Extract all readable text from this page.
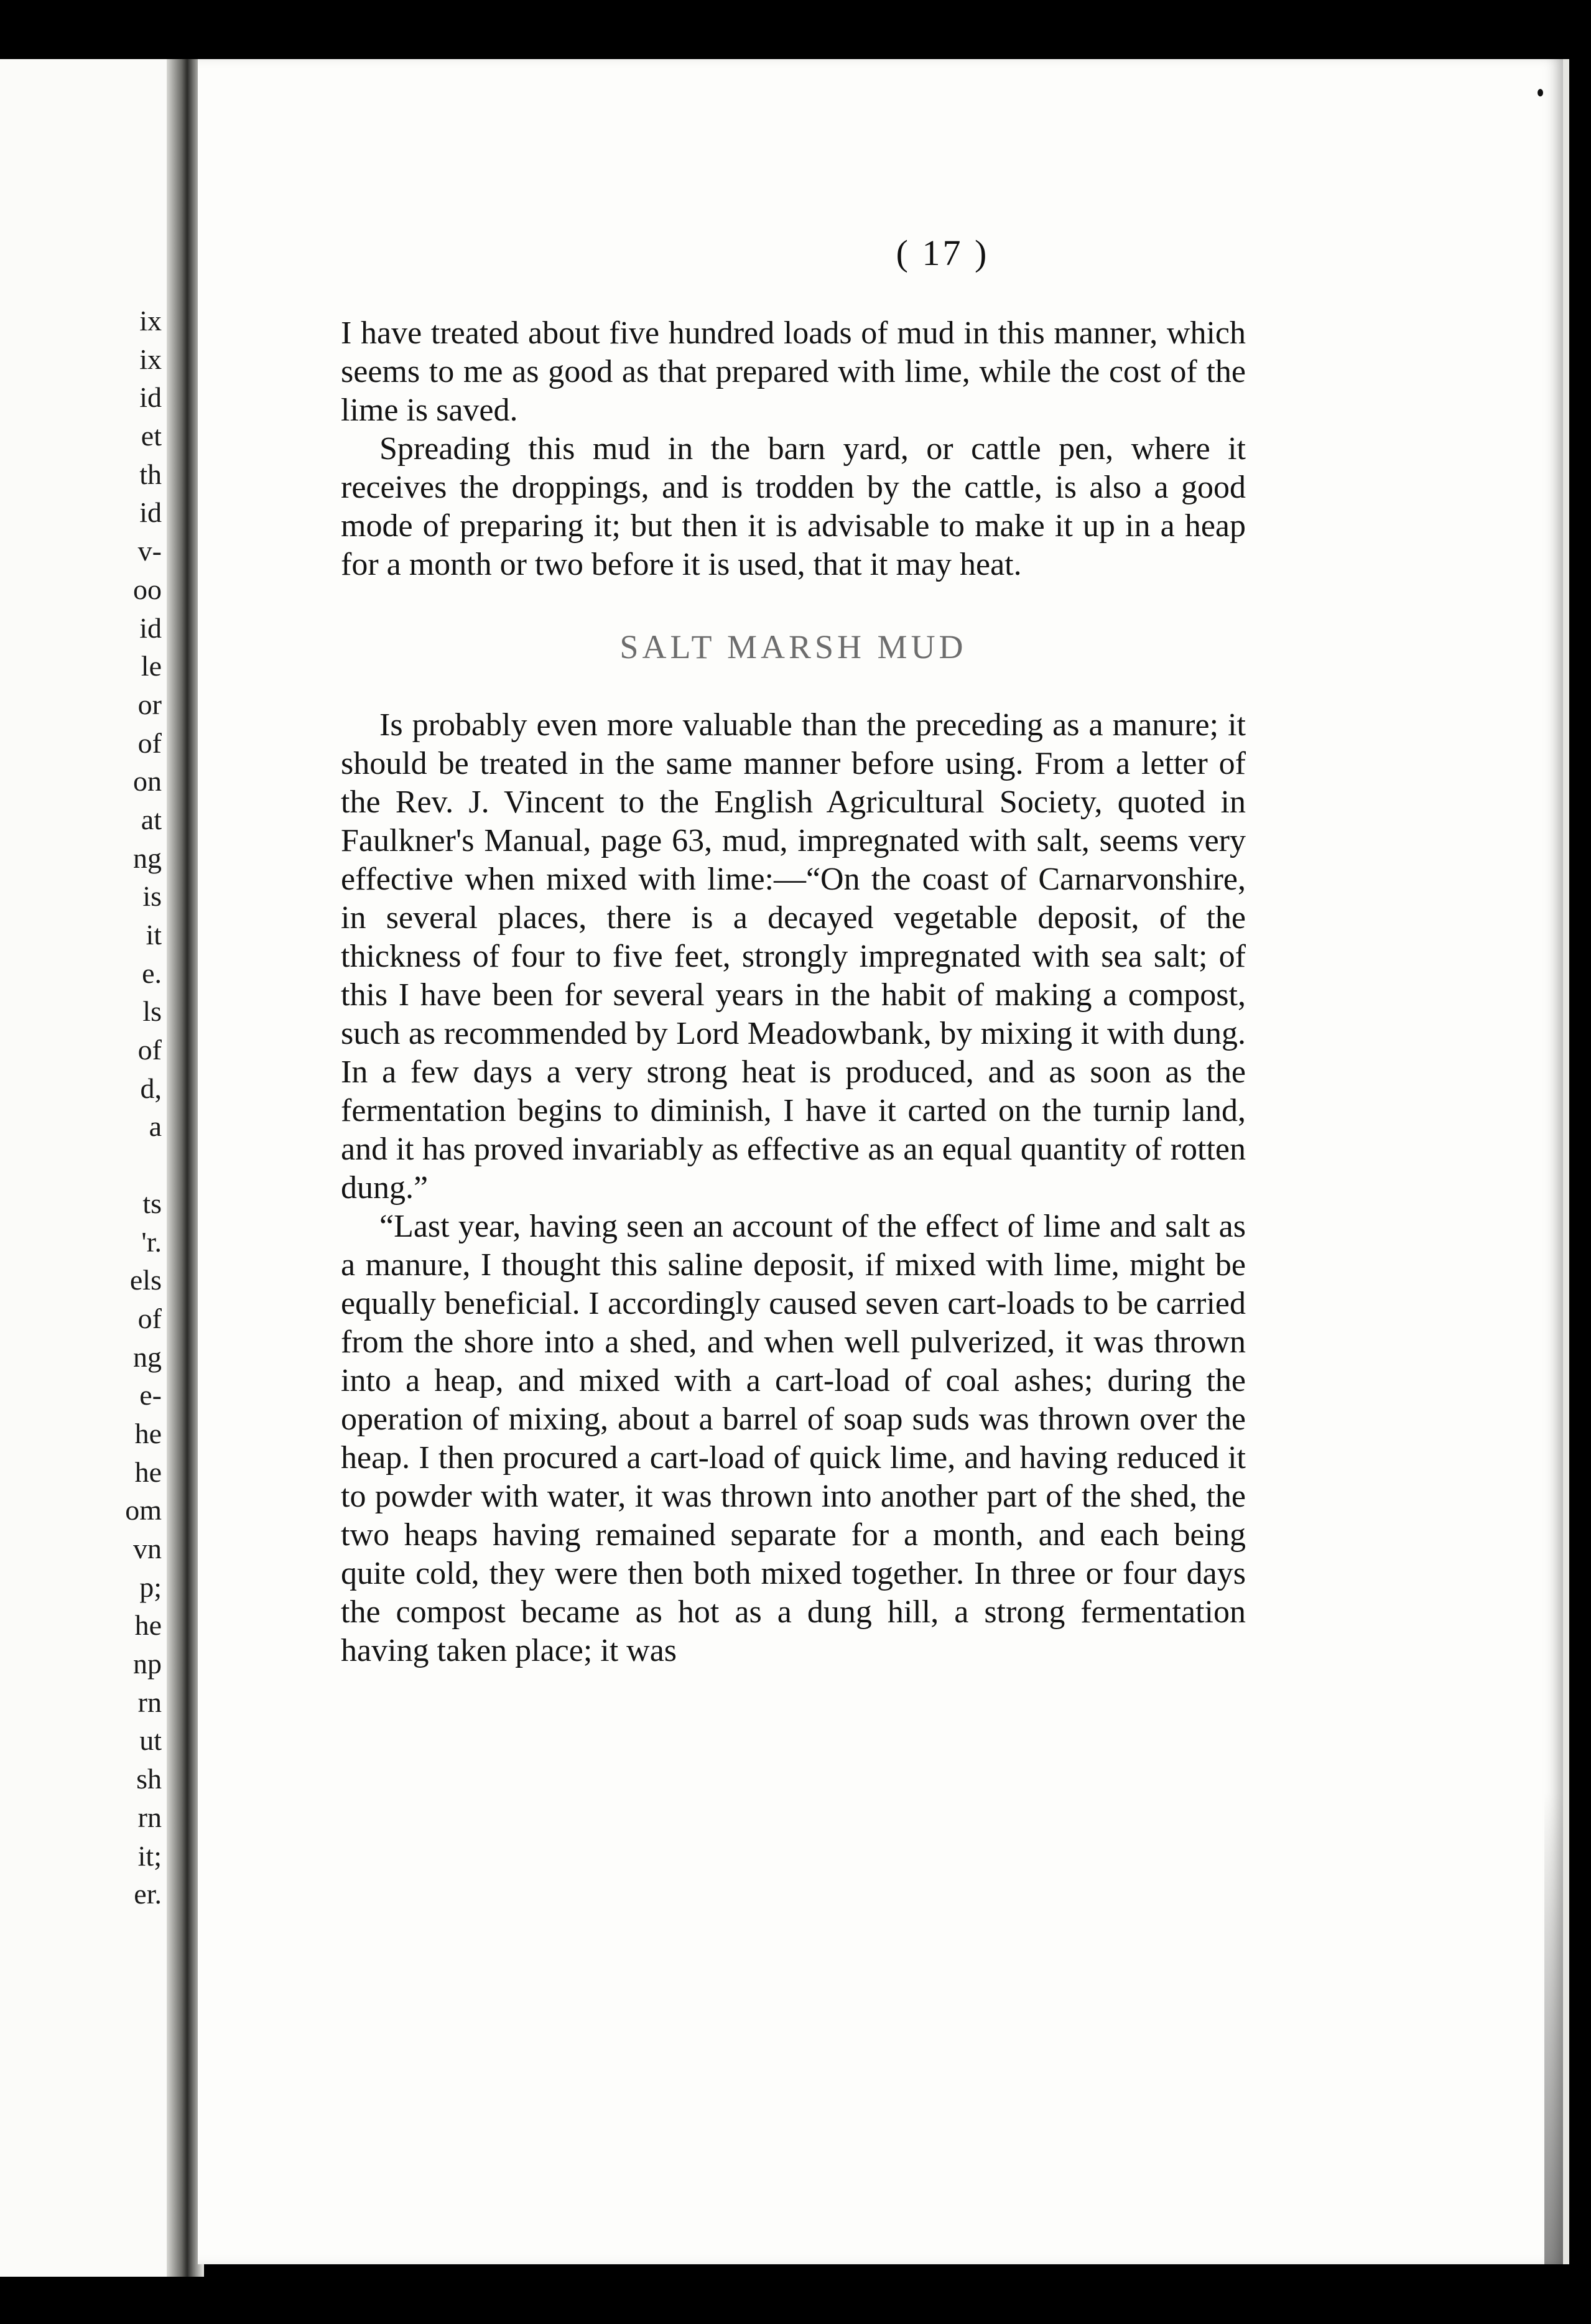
ix
ix
id
et
th
id
v-
oo
id
le
or
of
on
at
ng
is
it
e.
ls
of
d,
a
ts
'r.
els
of
ng
e-
he
he
om
vn
p;
he
np
rn
ut
sh
rn
it;
er.

( 17 )

I have treated about five hundred loads of mud in this manner, which seems to me as good as that prepared with lime, while the cost of the lime is saved.

Spreading this mud in the barn yard, or cattle pen, where it receives the droppings, and is trodden by the cattle, is also a good mode of preparing it; but then it is advisable to make it up in a heap for a month or two before it is used, that it may heat.

SALT MARSH MUD

Is probably even more valuable than the preceding as a manure; it should be treated in the same manner before using. From a letter of the Rev. J. Vincent to the English Agricultural Society, quoted in Faulkner's Manual, page 63, mud, impregnated with salt, seems very effective when mixed with lime:—“On the coast of Carnarvonshire, in several places, there is a decayed vegetable deposit, of the thickness of four to five feet, strongly impregnated with sea salt; of this I have been for several years in the habit of making a compost, such as recommended by Lord Meadowbank, by mixing it with dung. In a few days a very strong heat is produced, and as soon as the fermentation begins to diminish, I have it carted on the turnip land, and it has proved invariably as effective as an equal quantity of rotten dung.”

“Last year, having seen an account of the effect of lime and salt as a manure, I thought this saline deposit, if mixed with lime, might be equally beneficial. I accordingly caused seven cart-loads to be carried from the shore into a shed, and when well pulverized, it was thrown into a heap, and mixed with a cart-load of coal ashes; during the operation of mixing, about a barrel of soap suds was thrown over the heap. I then procured a cart-load of quick lime, and having reduced it to powder with water, it was thrown into another part of the shed, the two heaps having remained separate for a month, and each being quite cold, they were then both mixed together. In three or four days the compost became as hot as a dung hill, a strong fermentation having taken place; it was
